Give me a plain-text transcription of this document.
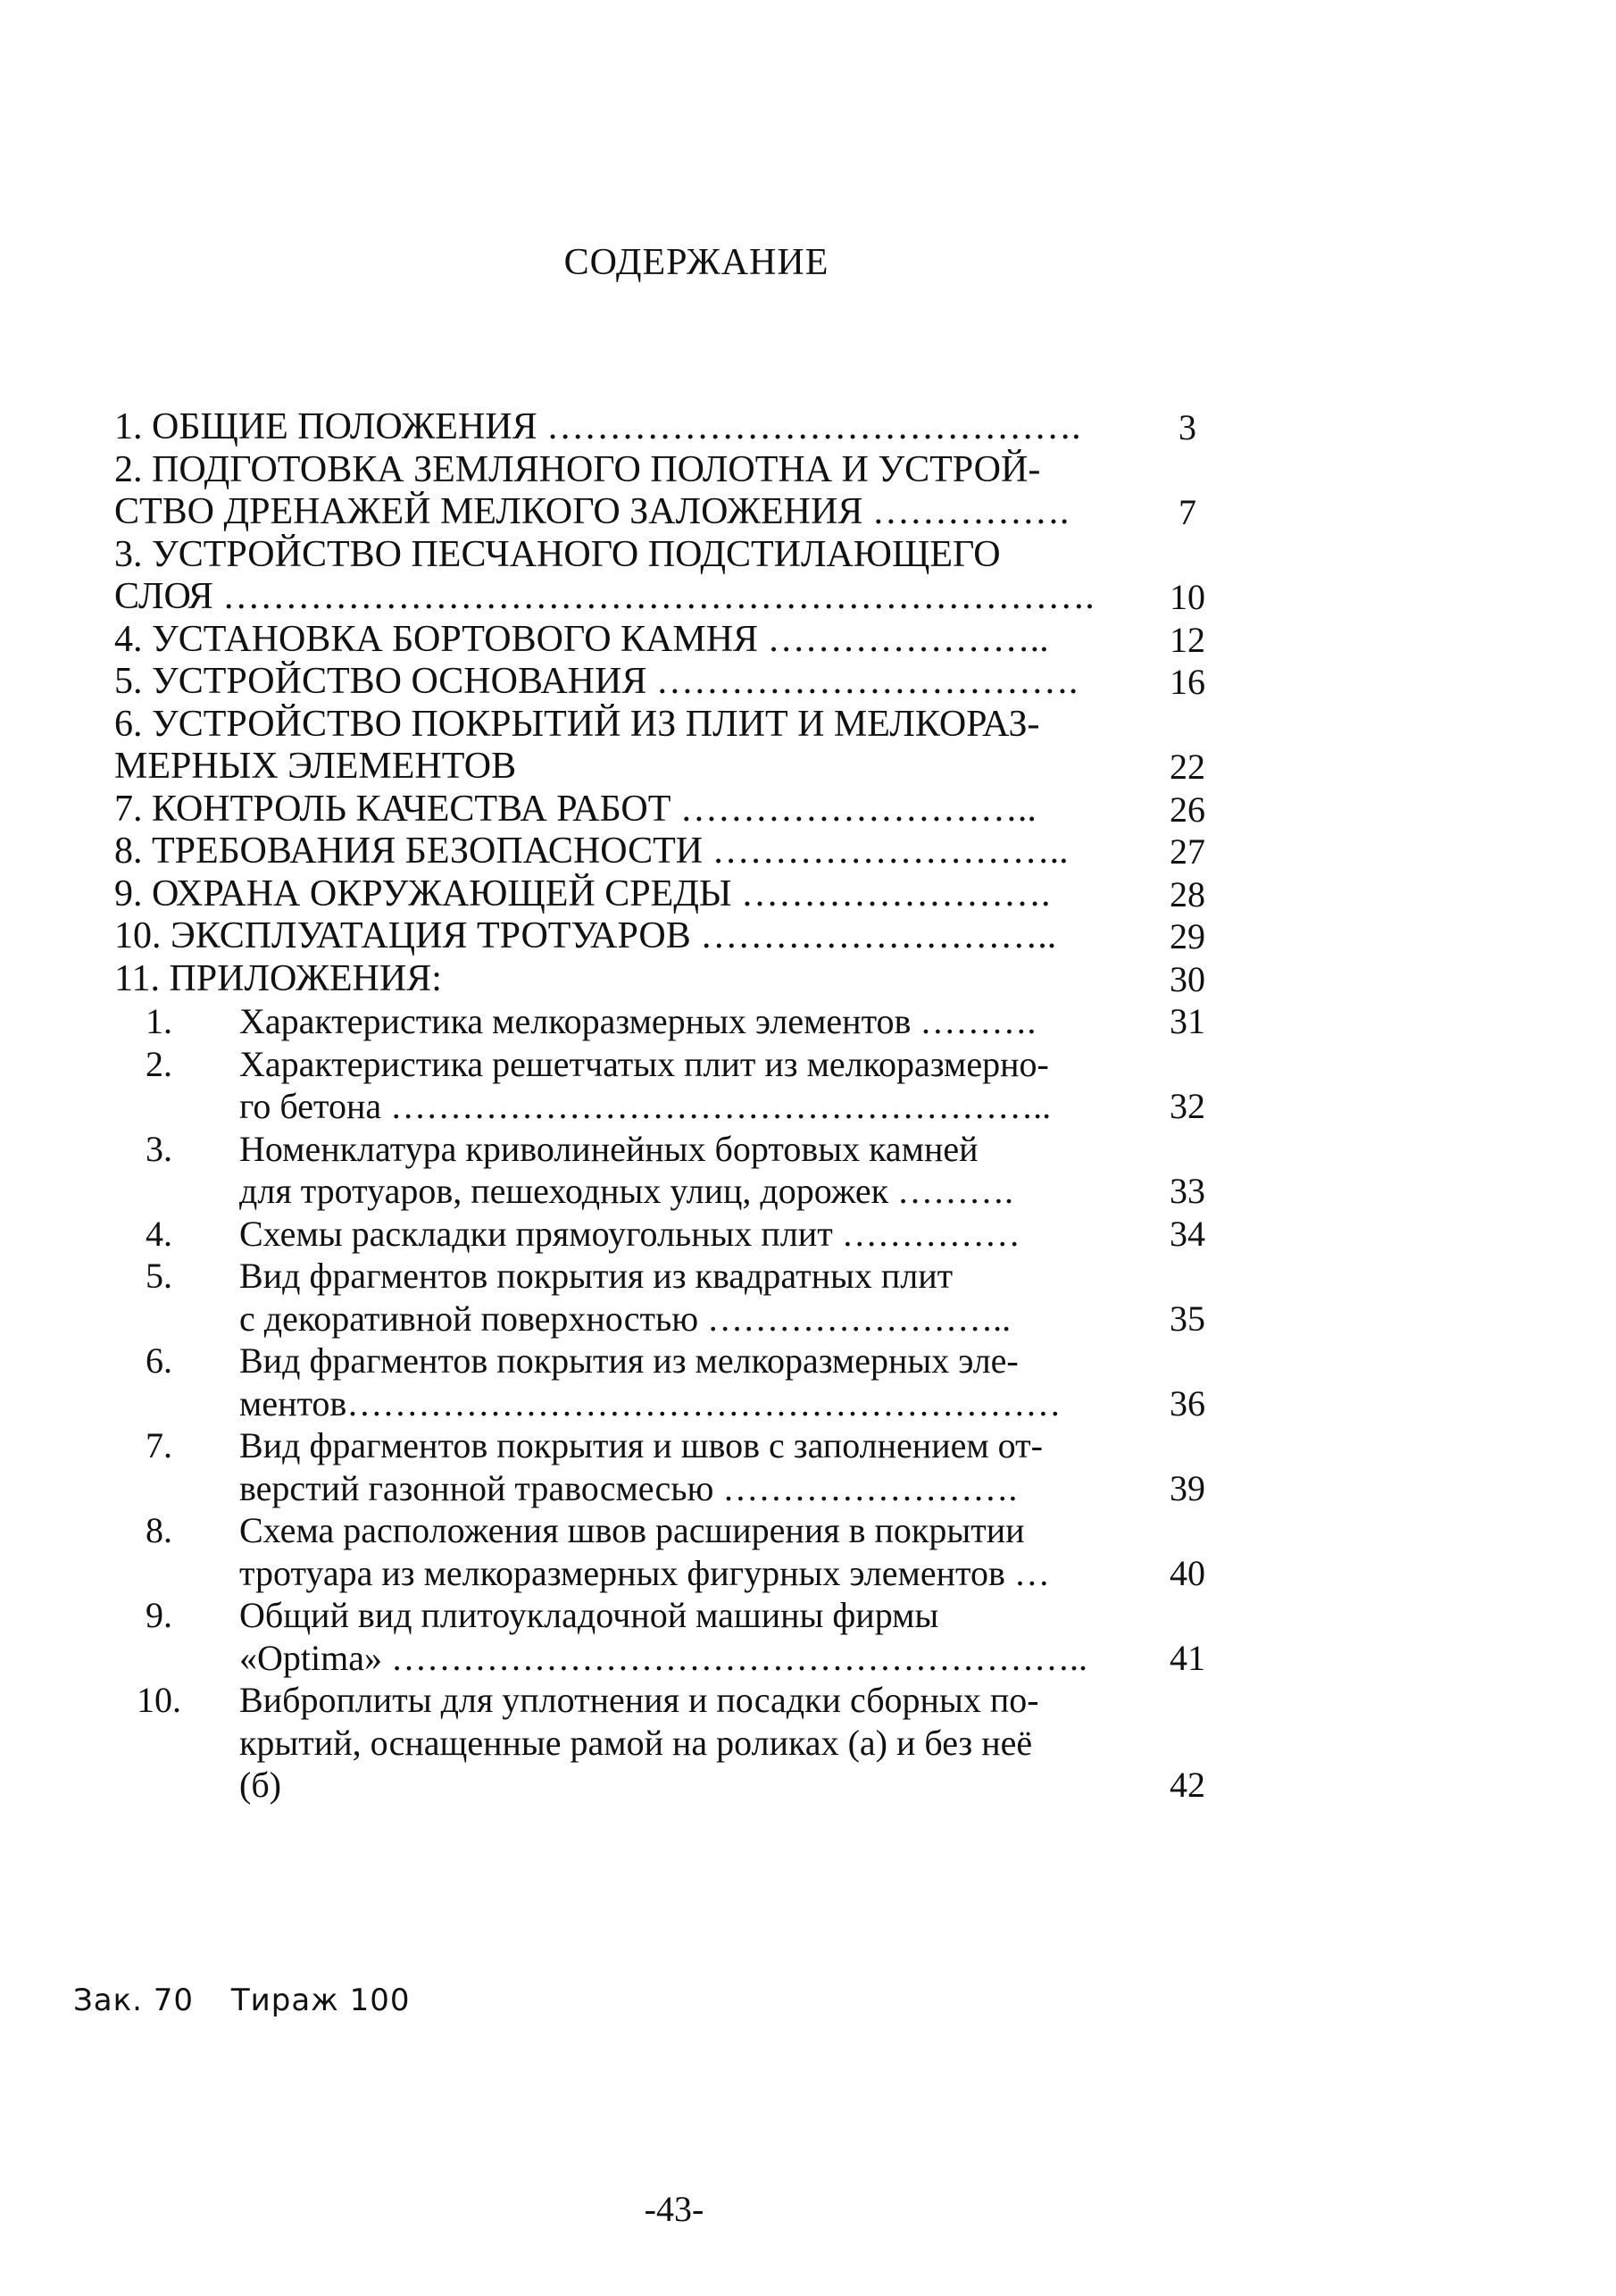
СОДЕРЖАНИЕ
1. ОБЩИЕ ПОЛОЖЕНИЯ …………………………………….	3
2. ПОДГОТОВКА ЗЕМЛЯНОГО ПОЛОТНА И УСТРОЙ-
СТВО ДРЕНАЖЕЙ МЕЛКОГО ЗАЛОЖЕНИЯ …………….	7
3. УСТРОЙСТВО ПЕСЧАНОГО ПОДСТИЛАЮЩЕГО
СЛОЯ ……………………………………………………………. 10
4. УСТАНОВКА БОРТОВОГО КАМНЯ …………………..	12
5. УСТРОЙСТВО ОСНОВАНИЯ …………………………….	16
6. УСТРОЙСТВО ПОКРЫТИЙ ИЗ ПЛИТ И МЕЛКОРАЗ-
МЕРНЫХ ЭЛЕМЕНТОВ	22
7. КОНТРОЛЬ КАЧЕСТВА РАБОТ ………………………..	26
8. ТРЕБОВАНИЯ БЕЗОПАСНОСТИ ………………………..	27
9. ОХРАНА ОКРУЖАЮЩЕЙ СРЕДЫ …………………….	28
10. ЭКСПЛУАТАЦИЯ ТРОТУАРОВ ………………………..	29
11. ПРИЛОЖЕНИЯ:	30
1.	Характеристика мелкоразмерных элементов ……….	31
2.	Характеристика решетчатых плит из мелкоразмерно-
го бетона ………………………………………………..	32
3.	Номенклатура криволинейных бортовых камней
для тротуаров, пешеходных улиц, дорожек ……….	33
4.	Схемы раскладки прямоугольных плит ……………	34
5.	Вид фрагментов покрытия из квадратных плит
с декоративной поверхностью ……………………..	35
6.	Вид фрагментов покрытия из мелкоразмерных эле-
ментов……………………………………………………	36
7.	Вид фрагментов покрытия и швов с заполнением от-
верстий газонной травосмесью …………………….	39
8.	Схема расположения швов расширения в покрытии
тротуара из мелкоразмерных фигурных элементов …	40
9.	Общий вид плитоукладочной машины фирмы
«Optima» ………………………………………………….. 41
10.	Виброплиты для уплотнения и посадки сборных по-
крытий, оснащенные рамой на роликах (а) и без неё
(б)	42
Зак. 70 Тираж 100
-43-
